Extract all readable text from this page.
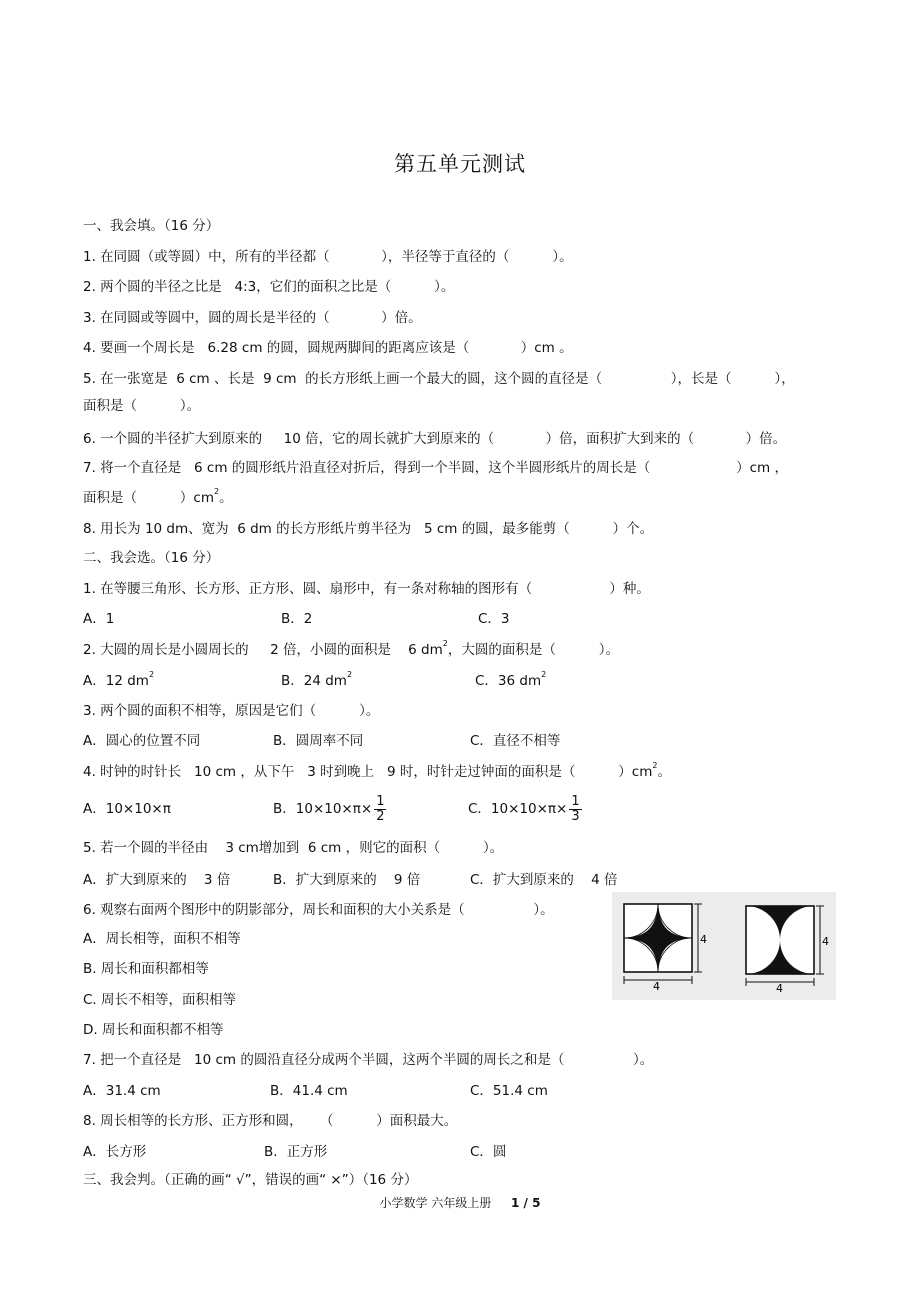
第五单元测试
一、我会填。（16 分）
1. 在同圆（或等圆）中，所有的半径都（            ），半径等于直径的（          ）。
2. 两个圆的半径之比是   4:3，它们的面积之比是（          ）。
3. 在同圆或等圆中，圆的周长是半径的（            ）倍。
4. 要画一个周长是   6.28 cm 的圆，圆规两脚间的距离应该是（            ）cm 。
5. 在一张宽是  6 cm 、长是  9 cm  的长方形纸上画一个最大的圆，这个圆的直径是（                ），长是（          ），
面积是（          ）。
6. 一个圆的半径扩大到原来的     10 倍，它的周长就扩大到原来的（            ）倍，面积扩大到来的（            ）倍。
7. 将一个直径是   6 cm 的圆形纸片沿直径对折后，得到一个半圆，这个半圆形纸片的周长是（                    ）cm ，
面积是（          ）$cm^2$。
8. 用长为 10 dm、宽为  6 dm 的长方形纸片剪半径为   5 cm 的圆，最多能剪（          ）个。
二、我会选。（16 分）
1. 在等腰三角形、长方形、正方形、圆、扇形中，有一条对称轴的图形有（                  ）种。
A．1	B．2	C．3
2. 大圆的周长是小圆周长的     2 倍，小圆的面积是    6 $dm^2$，大圆的面积是（          ）。
A．12 $dm^2$	B．24 $dm^2$	C．36 $dm^2$
3. 两个圆的面积不相等，原因是它们（          ）。
A．圆心的位置不同	B．圆周率不同	C．直径不相等
4. 时钟的时针长   10 cm ，从下午   3 时到晚上   9 时，时针走过钟面的面积是（          ）$cm^2$。
A．10×10×π	B．$10\times 10\times\pi\times \frac{1}{2}$	C．$10\times 10\times\pi\times \frac{1}{3}$
5. 若一个圆的半径由    3 cm增加到  6 cm ，则它的面积（          ）。
A．扩大到原来的    3 倍	B．扩大到原来的    9 倍	C．扩大到原来的    4 倍
6. 观察右面两个图形中的阴影部分，周长和面积的大小关系是（                ）。
A．周长相等，面积不相等
B. 周长和面积都相等
C. 周长不相等，面积相等
D. 周长和面积都不相等
4
4
4
4
7. 把一个直径是   10 cm 的圆沿直径分成两个半圆，这两个半圆的周长之和是（                ）。
A．31.4 cm	B．41.4 cm	C．51.4 cm
8. 周长相等的长方形、正方形和圆，    （          ）面积最大。
A．长方形	B．正方形	C．圆
三、我会判。（正确的画“ √”，错误的画“ ×”）（16 分）
小学数学 六年级上册 1 / 5
